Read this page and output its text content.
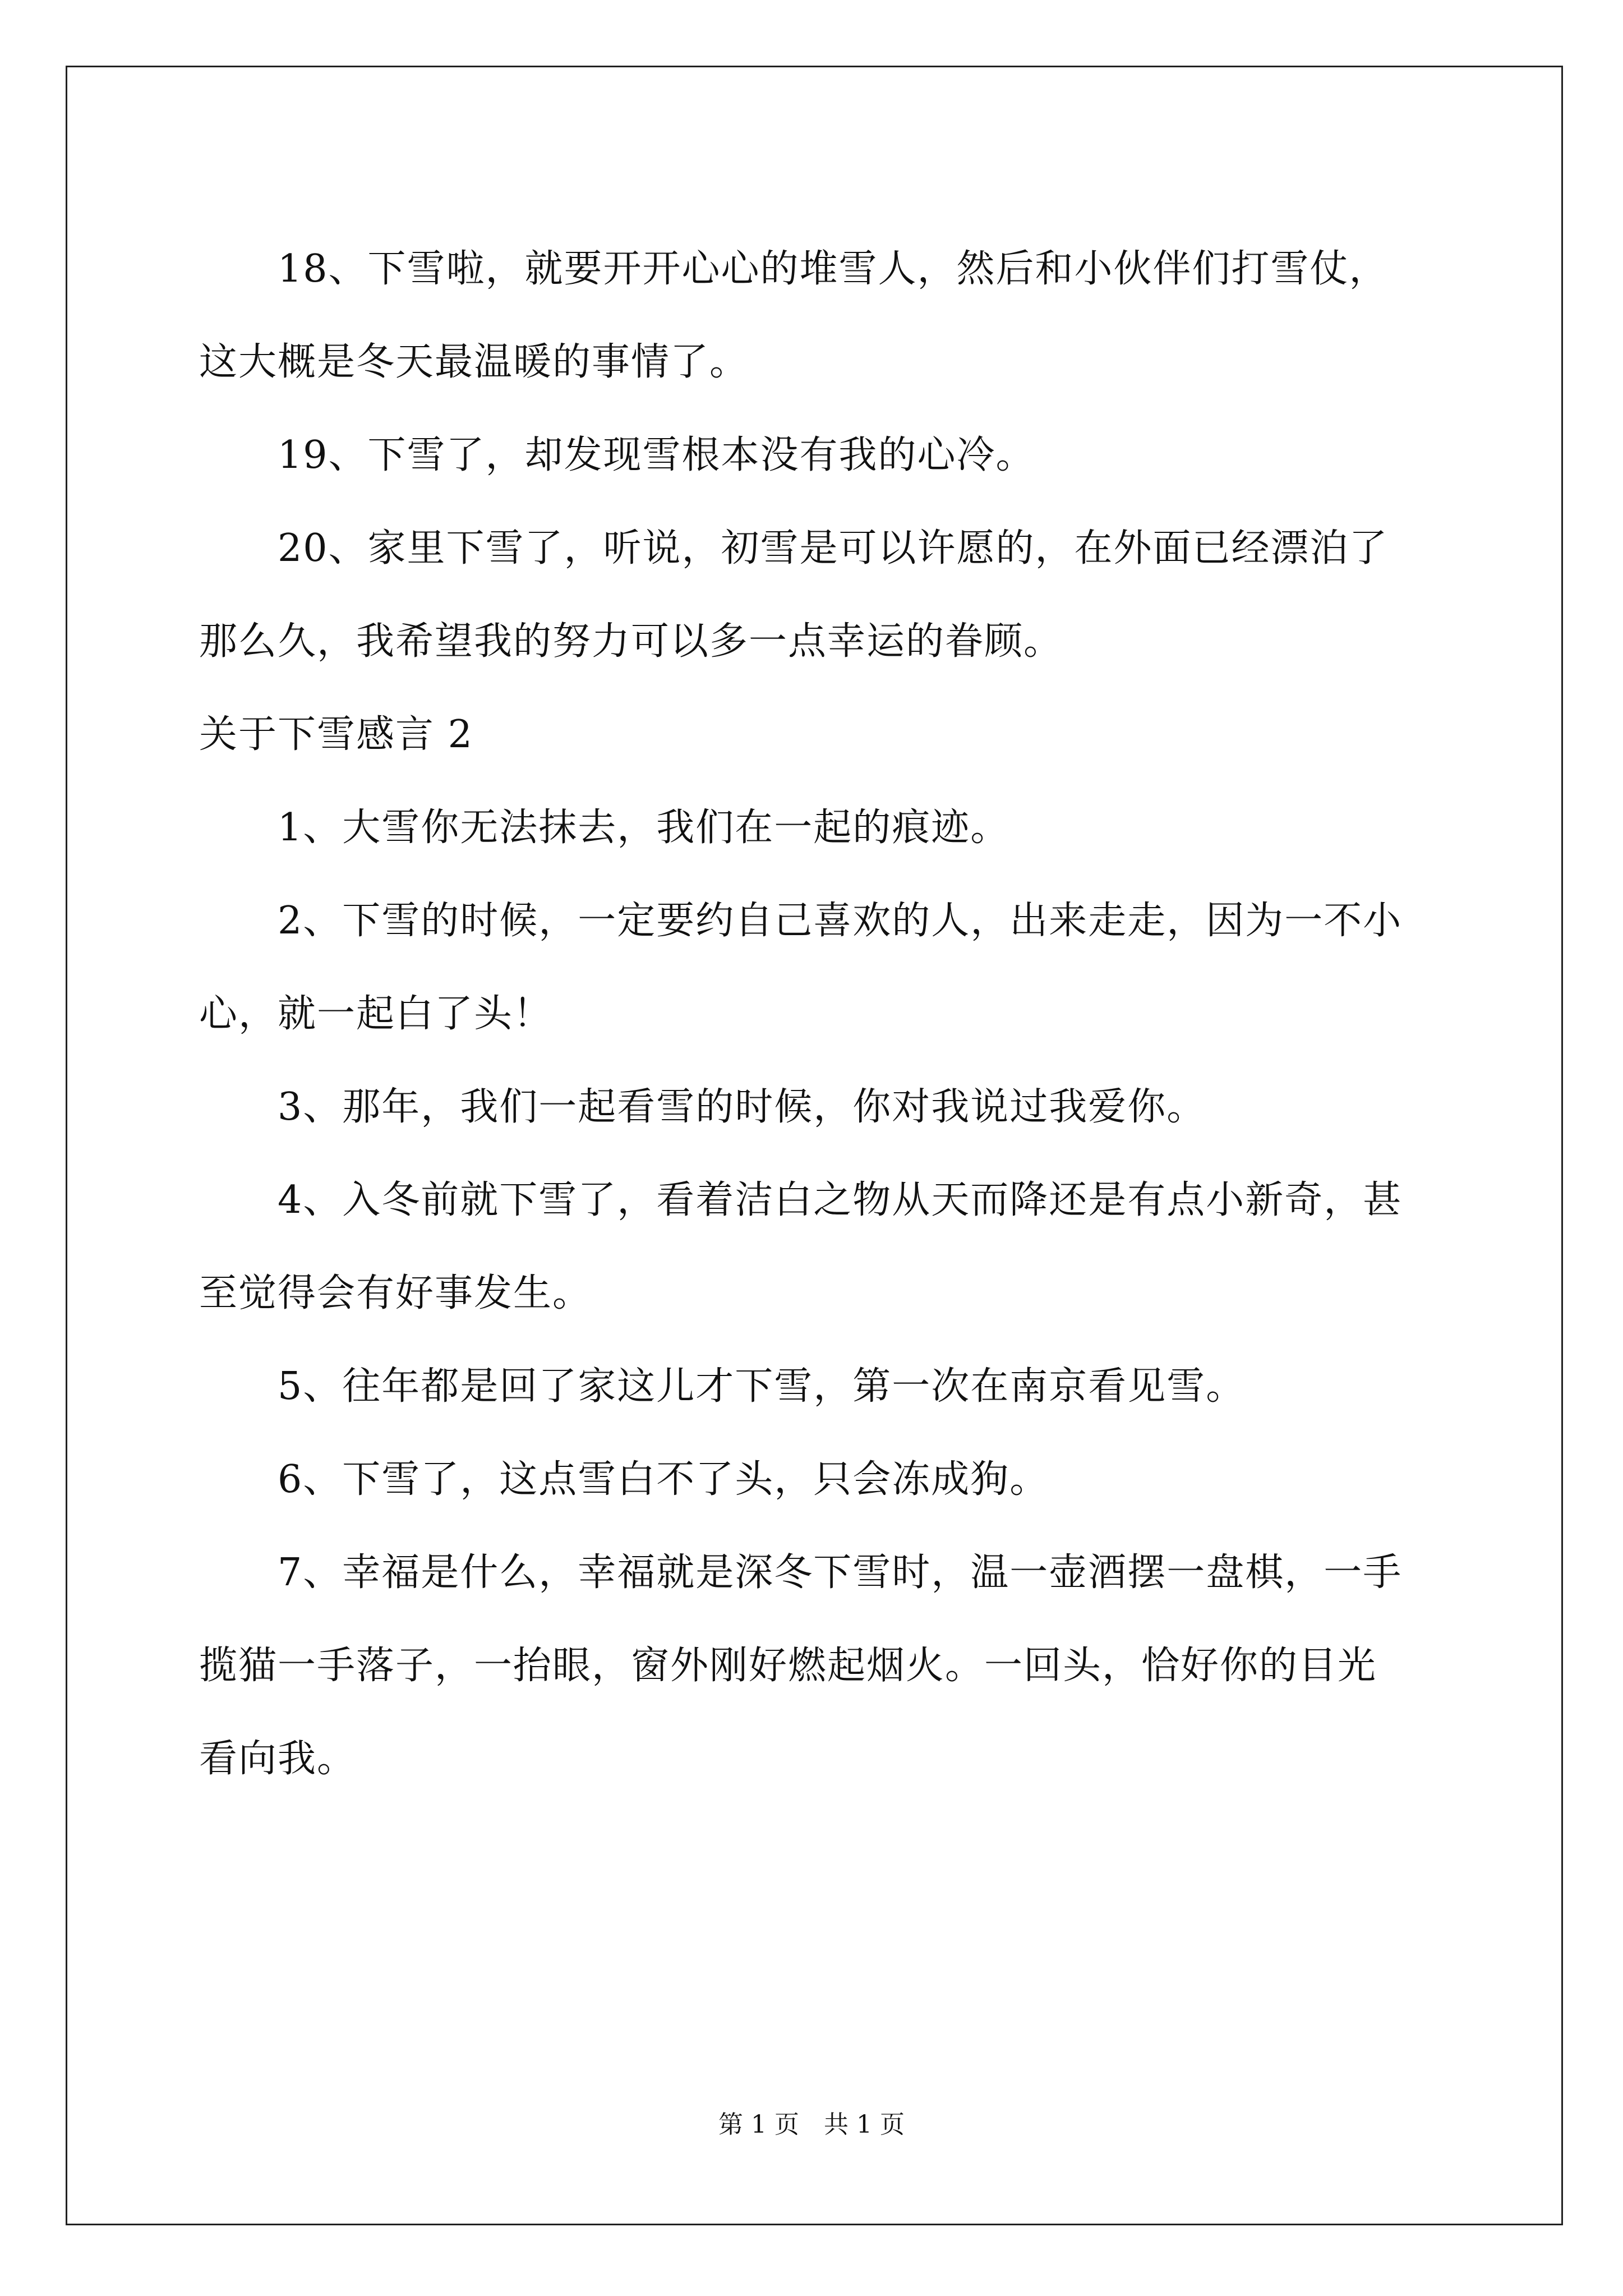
18、下雪啦，就要开开心心的堆雪人，然后和小伙伴们打雪仗，

这大概是冬天最温暖的事情了。

19、下雪了，却发现雪根本没有我的心冷。

20、家里下雪了，听说，初雪是可以许愿的，在外面已经漂泊了

那么久，我希望我的努力可以多一点幸运的眷顾。

关于下雪感言 2

1、大雪你无法抹去，我们在一起的痕迹。

2、下雪的时候，一定要约自己喜欢的人，出来走走，因为一不小

心，就一起白了头！

3、那年，我们一起看雪的时候，你对我说过我爱你。

4、入冬前就下雪了，看着洁白之物从天而降还是有点小新奇，甚

至觉得会有好事发生。

5、往年都是回了家这儿才下雪，第一次在南京看见雪。

6、下雪了，这点雪白不了头，只会冻成狗。

7、幸福是什么，幸福就是深冬下雪时，温一壶酒摆一盘棋，一手

揽猫一手落子，一抬眼，窗外刚好燃起烟火。一回头，恰好你的目光

看向我。

第 1 页　共 1 页
